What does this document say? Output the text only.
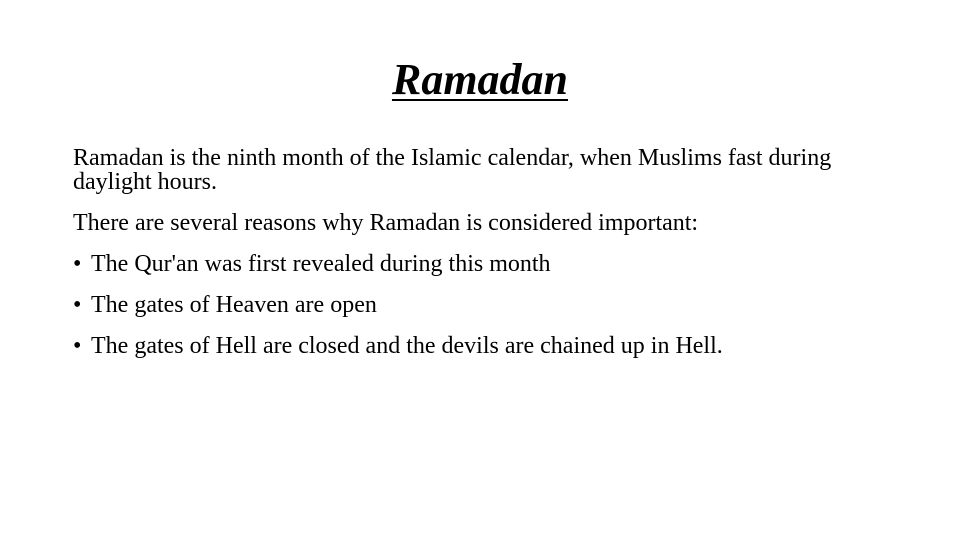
Ramadan

Ramadan is the ninth month of the Islamic calendar, when Muslims fast during daylight hours.

There are several reasons why Ramadan is considered important:

• The Qur'an was first revealed during this month
• The gates of Heaven are open
• The gates of Hell are closed and the devils are chained up in Hell.
